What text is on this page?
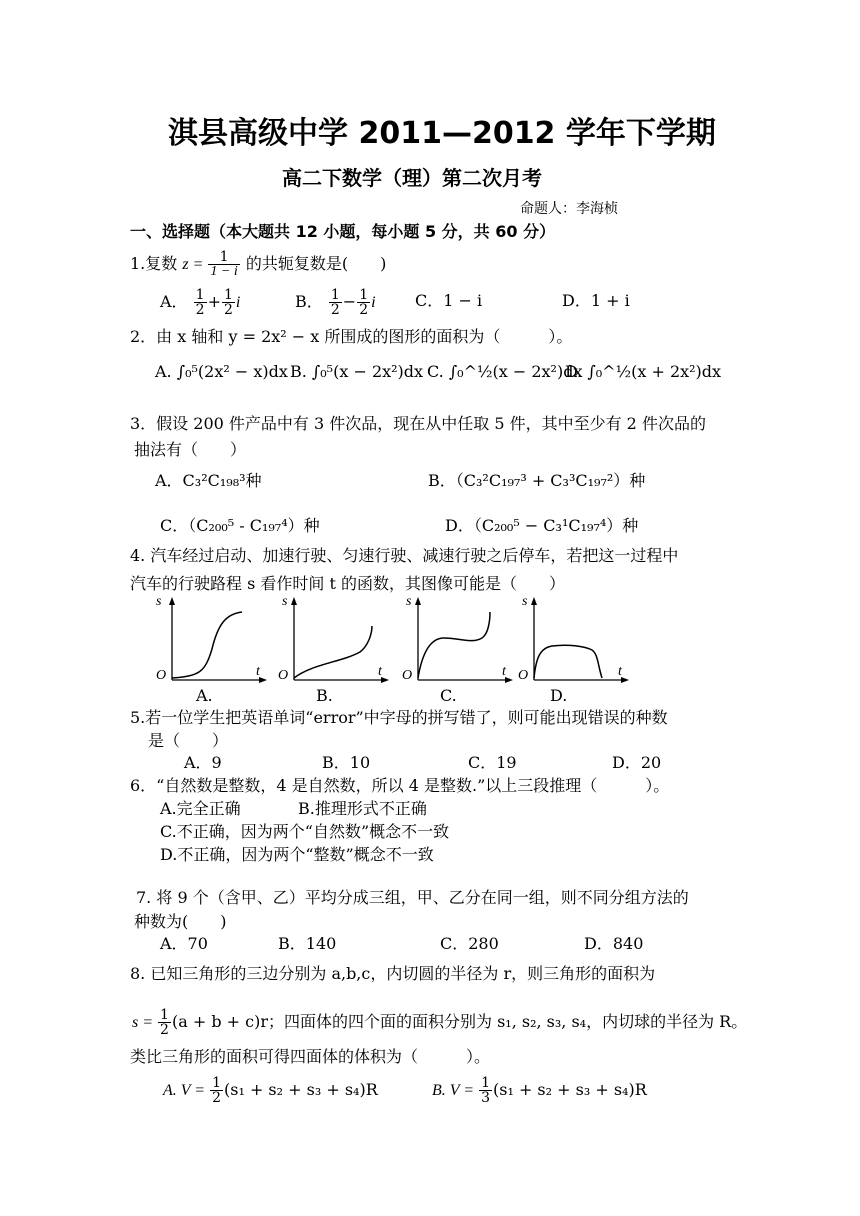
淇县高级中学 2011—2012 学年下学期
高二下数学（理）第二次月考
命题人：李海桢
一、选择题（本大题共 12 小题，每小题 5 分，共 60 分）
1.复数 $z = \frac{1}{1 - i}$ 的共轭复数是(　　)
A． $\frac{1}{2} + \frac{1}{2}$ i	B． $\frac{1}{2} - \frac{1}{2}$ i C．1 − i	D．1 + i
2．由 x 轴和 y = 2x² − x 所围成的图形的面积为（　　　）。
A. ∫₀⁵(2x² − x)dx B. ∫₀⁵(x − 2x²)dx C. ∫₀^½(x − 2x²)dx
D. ∫₀^½(x + 2x²)dx
3．假设 200 件产品中有 3 件次品，现在从中任取 5 件，其中至少有 2 件次品的
抽法有（　　）
A．C₃²C₁₉₈³种	B．（C₃²C₁₉₇³ + C₃³C₁₉₇²）种
C．（C₂₀₀⁵ - C₁₉₇⁴）种	D．（C₂₀₀⁵ − C₃¹C₁₉₇⁴）种
4. 汽车经过启动、加速行驶、匀速行驶、减速行驶之后停车，若把这一过程中
汽车的行驶路程 s 看作时间 t 的函数，其图像可能是（　　）
s
t
O
A.
s
t
O
B.
s
t
O
C.
s
t
O
D.
5.若一位学生把英语单词“error”中字母的拼写错了，则可能出现错误的种数
是（　　）
A．9	B．10	C．19	D．20
6．“自然数是整数，4 是自然数，所以 4 是整数.”以上三段推理（　　　）。
A.完全正确	B.推理形式不正确
C.不正确，因为两个“自然数”概念不一致
D.不正确，因为两个“整数”概念不一致
7. 将 9 个（含甲、乙）平均分成三组，甲、乙分在同一组，则不同分组方法的
种数为(　　)
A．70	B．140	C．280	D．840
8. 已知三角形的三边分别为 a,b,c，内切圆的半径为 r，则三角形的面积为
$s = \frac{1}{2} (a + b + c)r$；四面体的四个面的面积分别为 s₁, s₂, s₃, s₄，内切球的半径为 R。
类比三角形的面积可得四面体的体积为（　　　）。
A. $V = \frac{1}{2} (s_1 + s_2 + s_3 + s_4)R$	B. $V = \frac{1}{3} (s_1 + s_2 + s_3 + s_4)R$
